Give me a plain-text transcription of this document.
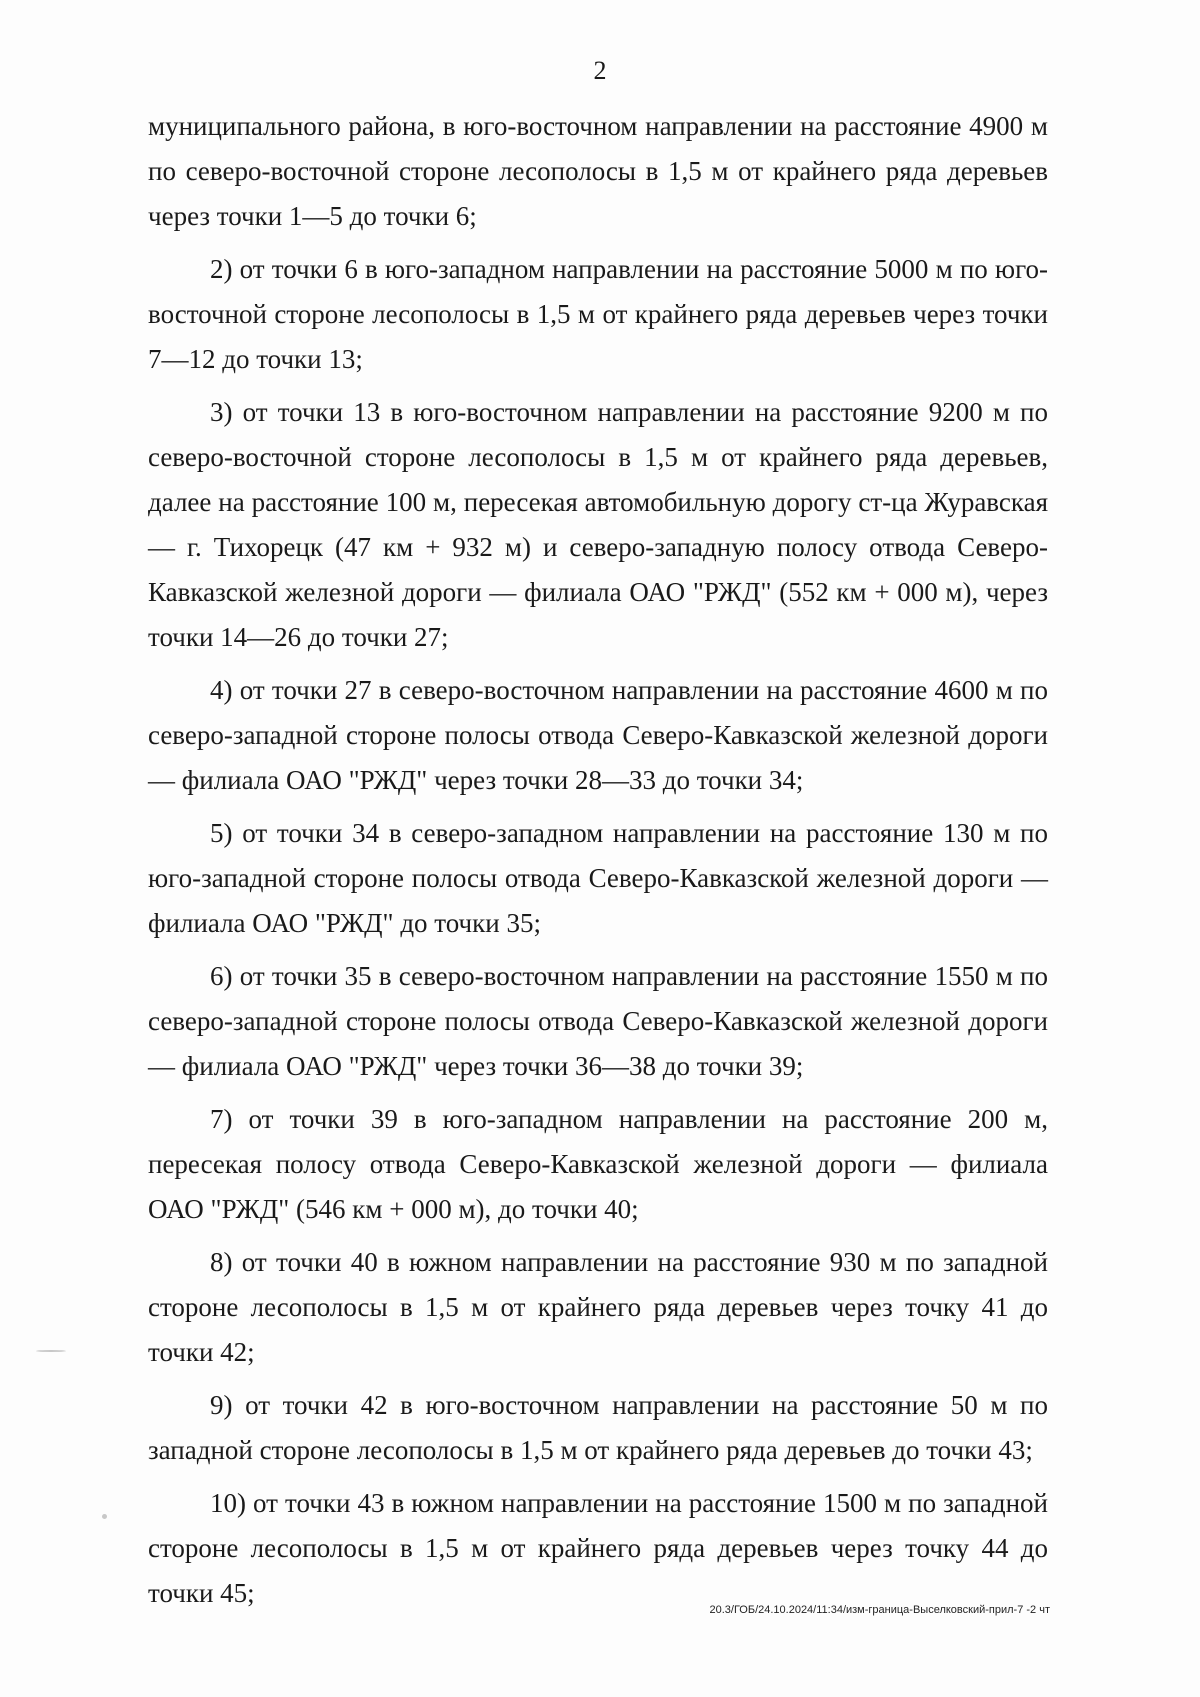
2

муниципального района, в юго-восточном направлении на расстояние 4900 м по северо-восточной стороне лесополосы в 1,5 м от крайнего ряда деревьев через точки 1—5 до точки 6;

2) от точки 6 в юго-западном направлении на расстояние 5000 м по юго-восточной стороне лесополосы в 1,5 м от крайнего ряда деревьев через точки 7—12 до точки 13;

3) от точки 13 в юго-восточном направлении на расстояние 9200 м по северо-восточной стороне лесополосы в 1,5 м от крайнего ряда деревьев, далее на расстояние 100 м, пересекая автомобильную дорогу ст-ца Журавская — г. Тихорецк (47 км + 932 м) и северо-западную полосу отвода Северо-Кавказской железной дороги — филиала ОАО "РЖД" (552 км + 000 м), через точки 14—26 до точки 27;

4) от точки 27 в северо-восточном направлении на расстояние 4600 м по северо-западной стороне полосы отвода Северо-Кавказской железной дороги — филиала ОАО "РЖД" через точки 28—33 до точки 34;

5) от точки 34 в северо-западном направлении на расстояние 130 м по юго-западной стороне полосы отвода Северо-Кавказской железной дороги — филиала ОАО "РЖД" до точки 35;

6) от точки 35 в северо-восточном направлении на расстояние 1550 м по северо-западной стороне полосы отвода Северо-Кавказской железной дороги — филиала ОАО "РЖД" через точки 36—38 до точки 39;

7) от точки 39 в юго-западном направлении на расстояние 200 м, пересекая полосу отвода Северо-Кавказской железной дороги — филиала ОАО "РЖД" (546 км + 000 м), до точки 40;

8) от точки 40 в южном направлении на расстояние 930 м по западной стороне лесополосы в 1,5 м от крайнего ряда деревьев через точку 41 до точки 42;

9) от точки 42 в юго-восточном направлении на расстояние 50 м по западной стороне лесополосы в 1,5 м от крайнего ряда деревьев до точки 43;

10) от точки 43 в южном направлении на расстояние 1500 м по западной стороне лесополосы в 1,5 м от крайнего ряда деревьев через точку 44 до точки 45;

20.3/ГОБ/24.10.2024/11:34/изм-граница-Выселковский-прил-7 -2 чт
